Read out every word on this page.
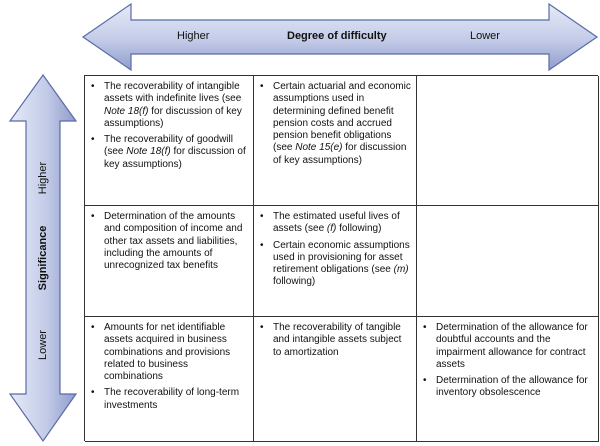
Higher	Degree of difficulty	Lower
Higher
Significance
Lower
• The recoverability of intangible assets with indefinite lives (see Note 18(f) for discussion of key assumptions)
• The recoverability of goodwill (see Note 18(f) for discussion of key assumptions)
• Certain actuarial and economic assumptions used in determining defined benefit pension costs and accrued pension benefit obligations (see Note 15(e) for discussion of key assumptions)
• Determination of the amounts and composition of income and other tax assets and liabilities, including the amounts of unrecognized tax benefits
• The estimated useful lives of assets (see (f) following)
• Certain economic assumptions used in provisioning for asset retirement obligations (see (m) following)
• Amounts for net identifiable assets acquired in business combinations and provisions related to business combinations
• The recoverability of long-term investments
• The recoverability of tangible and intangible assets subject to amortization
• Determination of the allowance for doubtful accounts and the impairment allowance for contract assets
• Determination of the allowance for inventory obsolescence
